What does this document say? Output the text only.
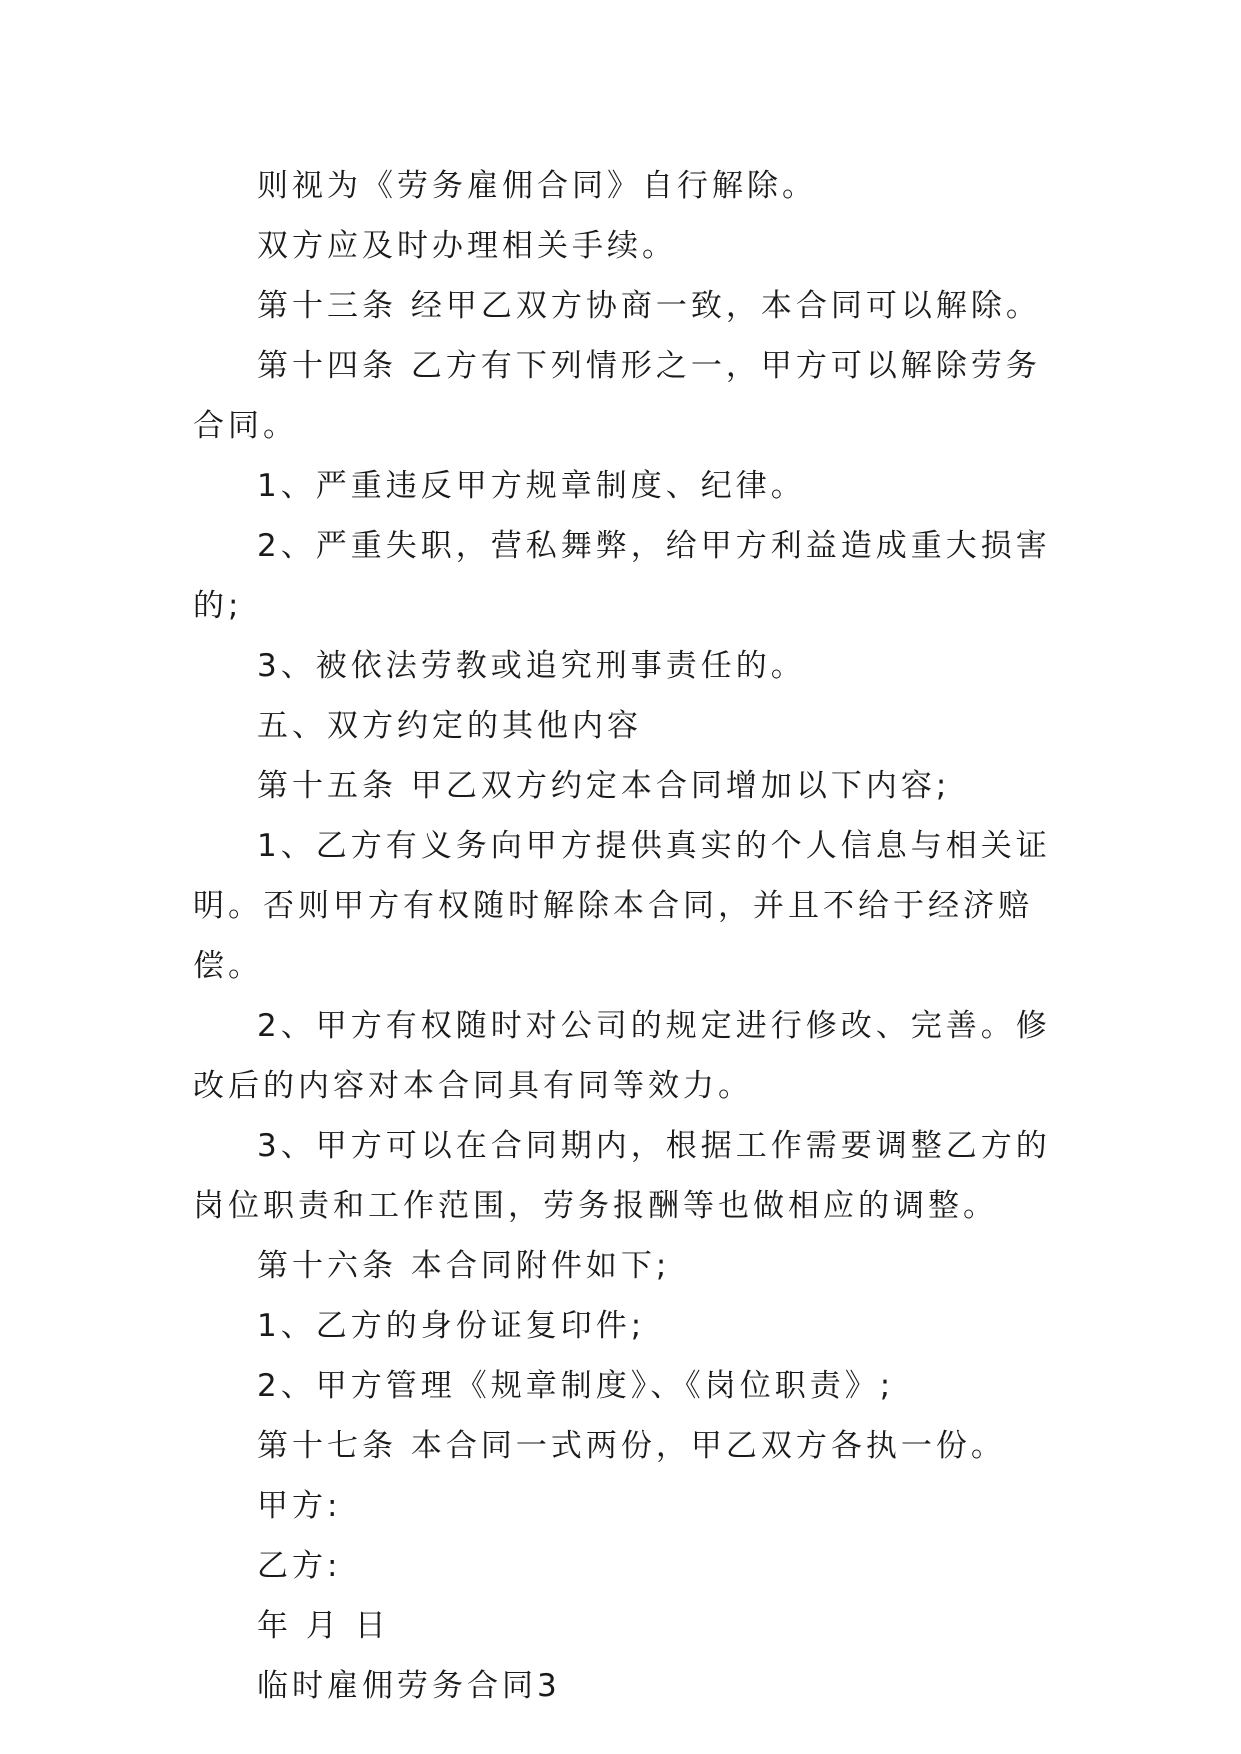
则视为《劳务雇佣合同》自行解除。

双方应及时办理相关手续。

第十三条 经甲乙双方协商一致，本合同可以解除。

第十四条 乙方有下列情形之一，甲方可以解除劳务合同。

1、严重违反甲方规章制度、纪律。

2、严重失职，营私舞弊，给甲方利益造成重大损害的;

3、被依法劳教或追究刑事责任的。

五、双方约定的其他内容

第十五条 甲乙双方约定本合同增加以下内容;

1、乙方有义务向甲方提供真实的个人信息与相关证明。否则甲方有权随时解除本合同，并且不给于经济赔偿。

2、甲方有权随时对公司的规定进行修改、完善。修改后的内容对本合同具有同等效力。

3、甲方可以在合同期内，根据工作需要调整乙方的岗位职责和工作范围，劳务报酬等也做相应的调整。

第十六条 本合同附件如下;

1、乙方的身份证复印件;

2、甲方管理《规章制度》、《岗位职责》;

第十七条 本合同一式两份，甲乙双方各执一份。

甲方:

乙方:

年 月 日

临时雇佣劳务合同3
